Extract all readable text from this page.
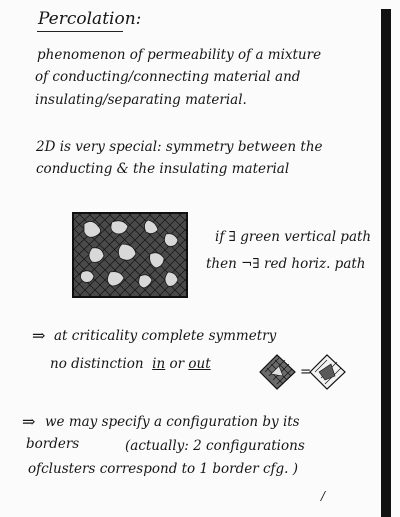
Percolation:
phenomenon of permeability of a mixture
of conducting/connecting material and
insulating/separating material.
2D is very special: symmetry between the
conducting & the insulating material
if ∃ green vertical path
then ¬∃ red horiz. path
⇒ at criticality complete symmetry
no distinction in or out	=
⇒ we may specify a configuration by its
borders	(actually: 2 configurations
ofclusters correspond to 1 border cfg. )
/
